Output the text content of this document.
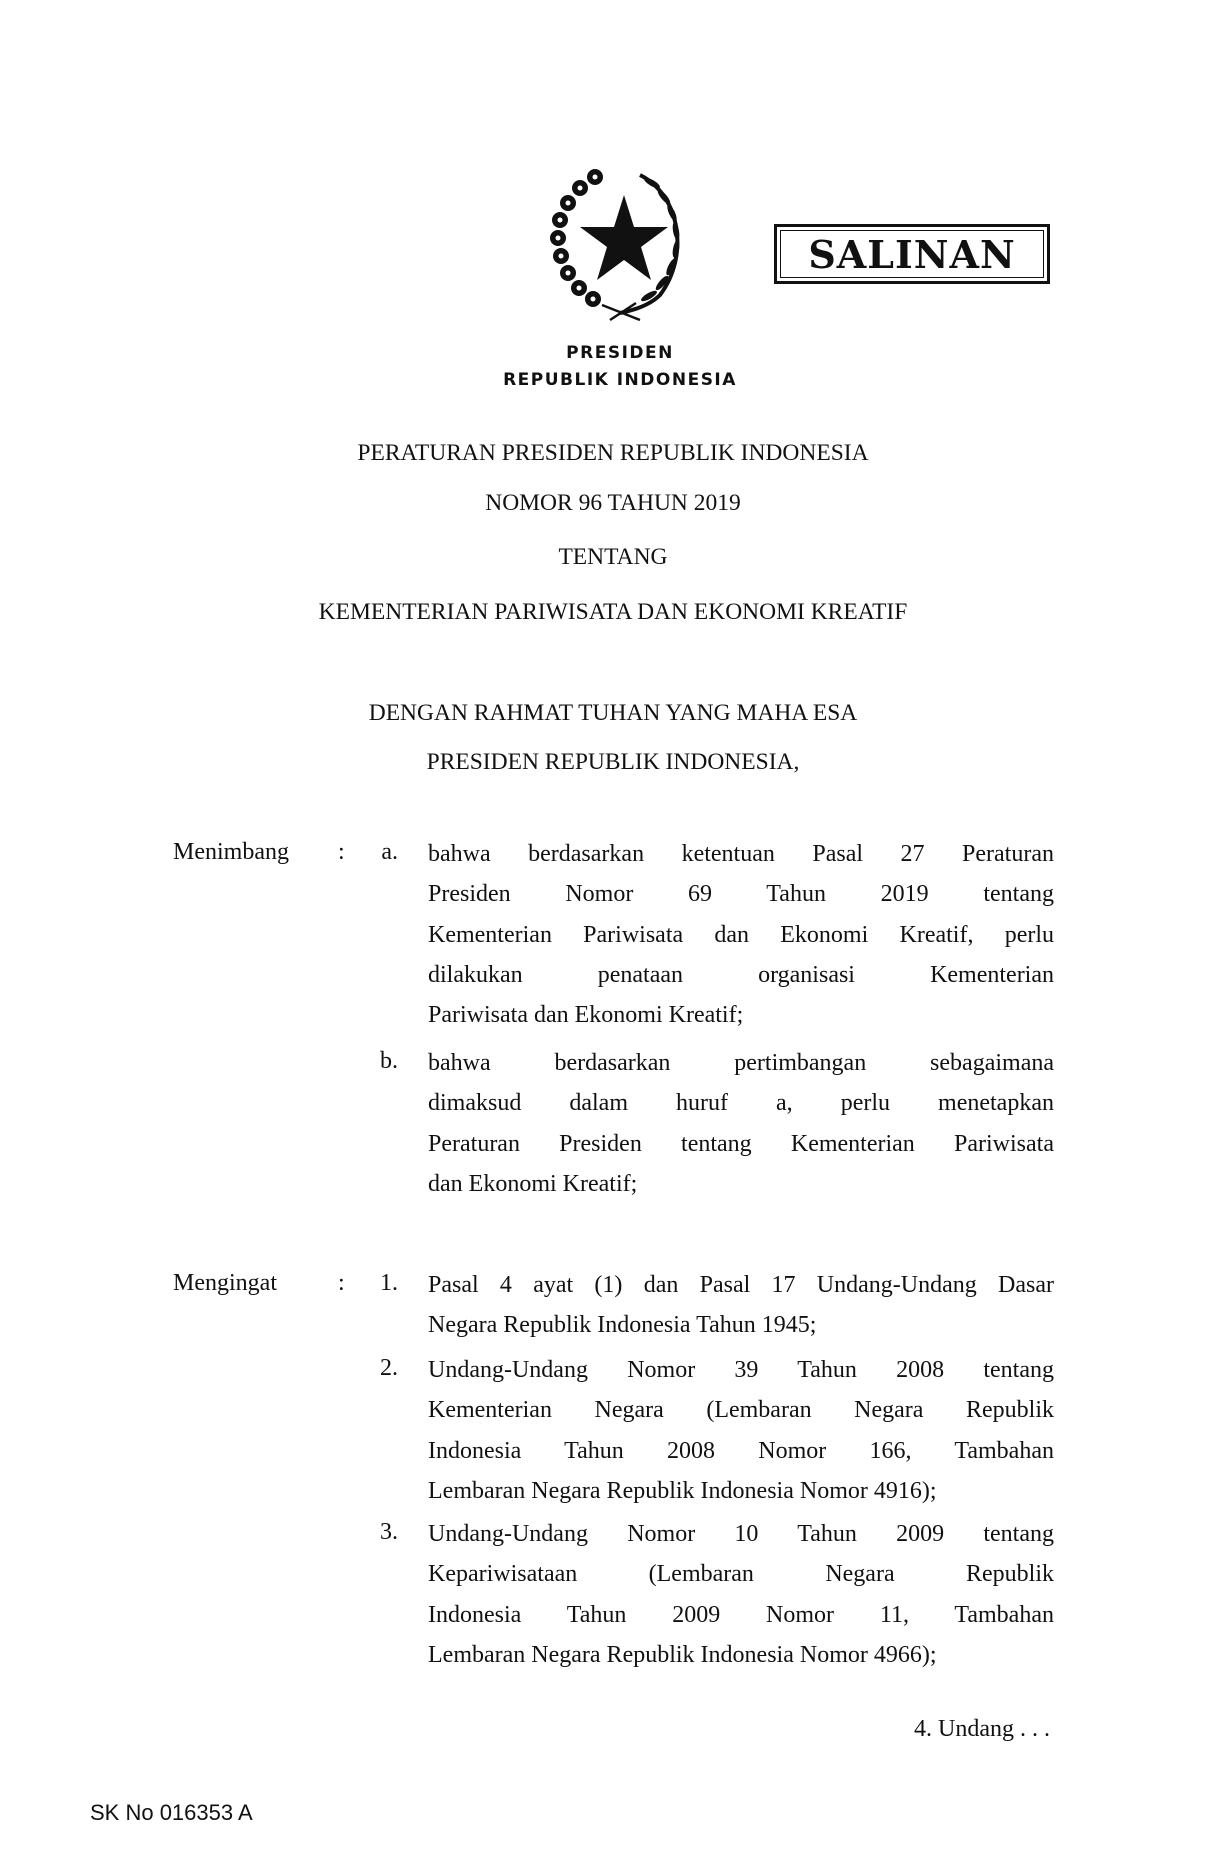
SALINAN
PRESIDEN
REPUBLIK INDONESIA
PERATURAN PRESIDEN REPUBLIK INDONESIA
NOMOR 96 TAHUN 2019
TENTANG
KEMENTERIAN PARIWISATA DAN EKONOMI KREATIF
DENGAN RAHMAT TUHAN YANG MAHA ESA
PRESIDEN REPUBLIK INDONESIA,
Menimbang :
Mengingat	:
a. bahwa berdasarkan ketentuan Pasal 27 Peraturan
Presiden Nomor 69 Tahun 2019 tentang
Kementerian Pariwisata dan Ekonomi Kreatif, perlu
dilakukan penataan organisasi Kementerian
Pariwisata dan Ekonomi Kreatif;
b. bahwa berdasarkan pertimbangan sebagaimana
dimaksud dalam huruf a, perlu menetapkan
Peraturan Presiden tentang Kementerian Pariwisata
dan Ekonomi Kreatif;
1. Pasal 4 ayat (1) dan Pasal 17 Undang-Undang Dasar
Negara Republik Indonesia Tahun 1945;
2. Undang-Undang Nomor 39 Tahun 2008 tentang
Kementerian Negara (Lembaran Negara Republik
Indonesia Tahun 2008 Nomor 166, Tambahan
Lembaran Negara Republik Indonesia Nomor 4916);
3. Undang-Undang Nomor 10 Tahun 2009 tentang
Kepariwisataan (Lembaran Negara Republik
Indonesia Tahun 2009 Nomor 11, Tambahan
Lembaran Negara Republik Indonesia Nomor 4966);
4. Undang . . .
SK No 016353 A
